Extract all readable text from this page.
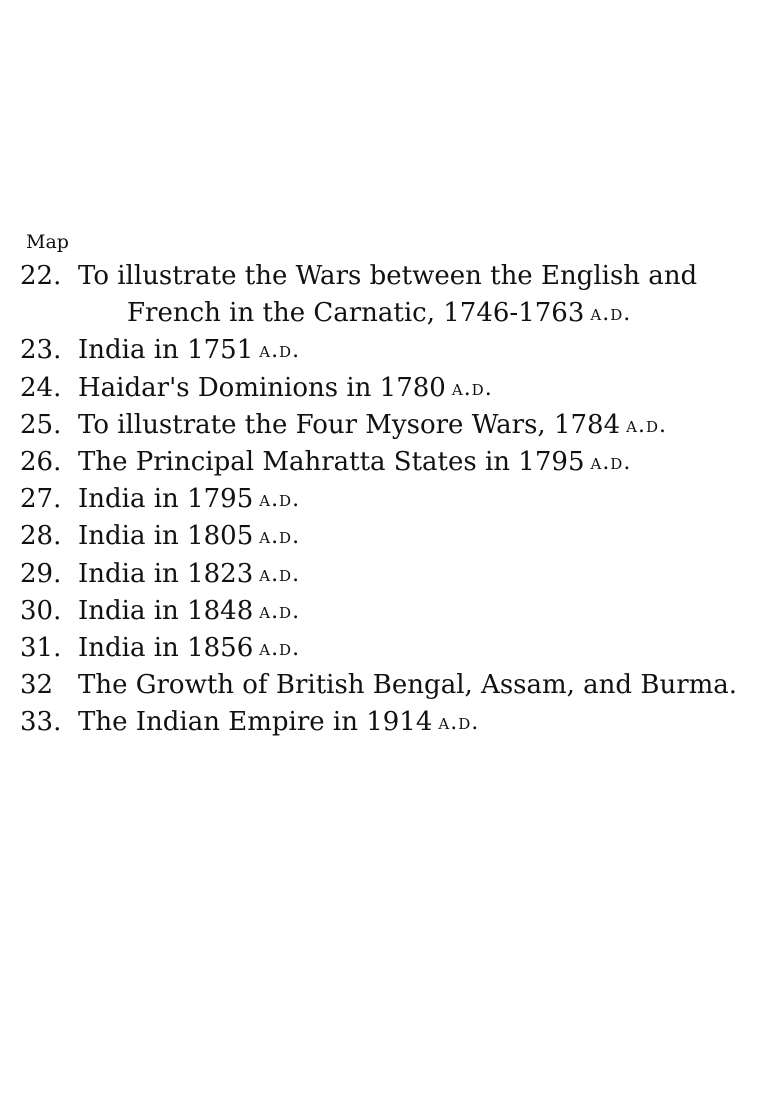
Map
22. To illustrate the Wars between the English and
French in the Carnatic, 1746-1763 a.d.
23. India in 1751 a.d.
24. Haidar's Dominions in 1780 a.d.
25. To illustrate the Four Mysore Wars, 1784 a.d.
26. The Principal Mahratta States in 1795 a.d.
27. India in 1795 a.d.
28. India in 1805 a.d.
29. India in 1823 a.d.
30. India in 1848 a.d.
31. India in 1856 a.d.
32 The Growth of British Bengal, Assam, and Burma.
33. The Indian Empire in 1914 a.d.
